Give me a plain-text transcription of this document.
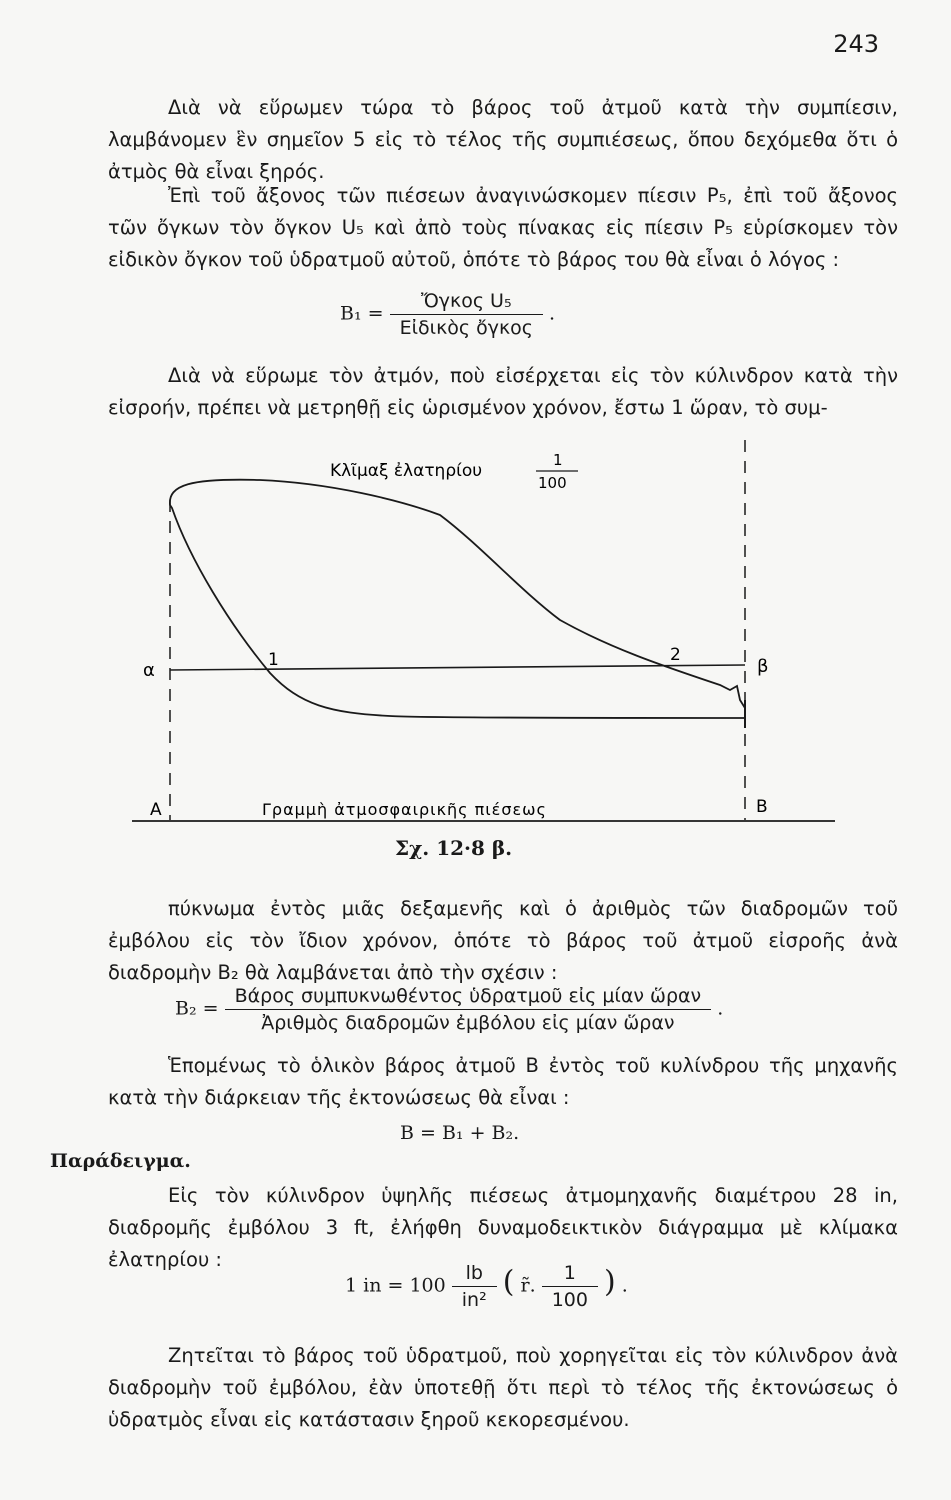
243

Διὰ νὰ εὕρωμεν τώρα τὸ βάρος τοῦ ἀτμοῦ κατὰ τὴν συμπίεσιν, λαμβάνομεν ἓν σημεῖον 5 εἰς τὸ τέλος τῆς συμπιέσεως, ὅπου δεχόμεθα ὅτι ὁ ἀτμὸς θὰ εἶναι ξηρός.

Ἐπὶ τοῦ ἄξονος τῶν πιέσεων ἀναγινώσκομεν πίεσιν P₅, ἐπὶ τοῦ ἄξονος τῶν ὄγκων τὸν ὄγκον U₅ καὶ ἀπὸ τοὺς πίνακας εἰς πίεσιν P₅ εὑρίσκομεν τὸν εἰδικὸν ὄγκον τοῦ ὑδρατμοῦ αὐτοῦ, ὁπότε τὸ βάρος του θὰ εἶναι ὁ λόγος :

$B_1 = \frac{\text{Ὄγκος U₅}}{\text{Εἰδικὸς ὄγκος}}$ .

Διὰ νὰ εὕρωμε τὸν ἀτμόν, ποὺ εἰσέρχεται εἰς τὸν κύλινδρον κατὰ τὴν εἰσροήν, πρέπει νὰ μετρηθῇ εἰς ὡρισμένον χρόνον, ἔστω 1 ὥραν, τὸ συμ-

Κλῖμαξ ἐλατηρίου
1
100
α	β
1	2
A	B
Γραμμὴ ἀτμοσφαιρικῆς πιέσεως
Σχ. 12·8 β.

πύκνωμα ἐντὸς μιᾶς δεξαμενῆς καὶ ὁ ἀριθμὸς τῶν διαδρομῶν τοῦ ἐμβόλου εἰς τὸν ἴδιον χρόνον, ὁπότε τὸ βάρος τοῦ ἀτμοῦ εἰσροῆς ἀνὰ διαδρομὴν B₂ θὰ λαμβάνεται ἀπὸ τὴν σχέσιν :

$B_2 = \frac{\text{Βάρος συμπυκνωθέντος ὑδρατμοῦ εἰς μίαν ὥραν}}{\text{Ἀριθμὸς διαδρομῶν ἐμβόλου εἰς μίαν ὥραν}}$ .

Ἑπομένως τὸ ὁλικὸν βάρος ἀτμοῦ B ἐντὸς τοῦ κυλίνδρου τῆς μηχανῆς κατὰ τὴν διάρκειαν τῆς ἐκτονώσεως θὰ εἶναι :

B = B₁ + B₂.
Παράδειγμα.

Εἰς τὸν κύλινδρον ὑψηλῆς πιέσεως ἀτμομηχανῆς διαμέτρου 28 in, διαδρομῆς ἐμβόλου 3 ft, ἐλήφθη δυναμοδεικτικὸν διάγραμμα μὲ κλίμακα ἐλατηρίου :

1 in = $100 \frac{lb}{\text{in²}}$ ( r̃. $\frac{1}{100}$ ) .

Ζητεῖται τὸ βάρος τοῦ ὑδρατμοῦ, ποὺ χορηγεῖται εἰς τὸν κύλινδρον ἀνὰ διαδρομὴν τοῦ ἐμβόλου, ἐὰν ὑποτεθῇ ὅτι περὶ τὸ τέλος τῆς ἐκτονώσεως ὁ ὑδρατμὸς εἶναι εἰς κατάστασιν ξηροῦ κεκορεσμένου.
